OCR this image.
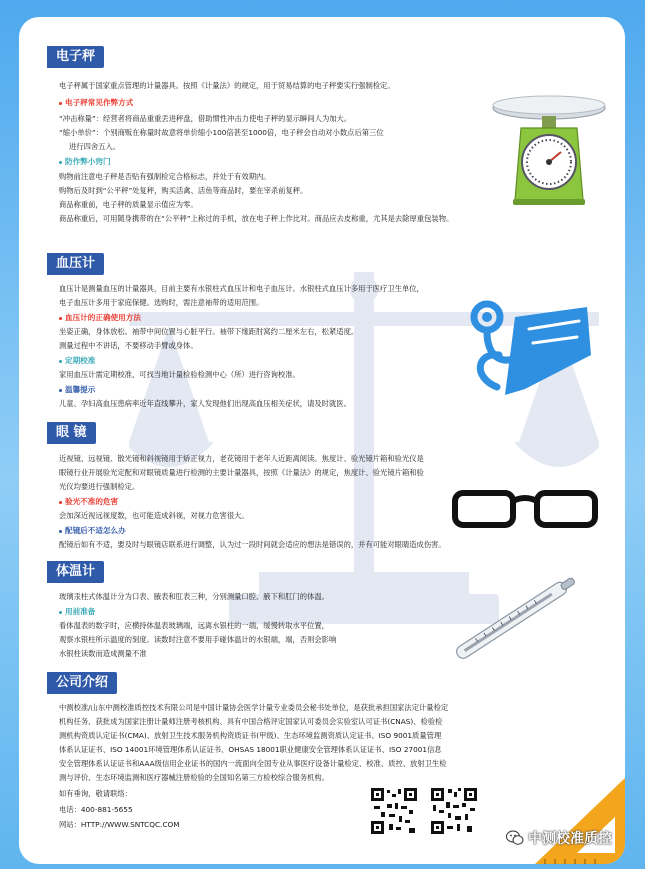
电子秤
电子秤属于国家重点管理的计量器具。按照《计量法》的规定，用于贸易结算的电子秤要实行强制检定。
电子秤常见作弊方式
“冲击称量”：经营者将商品重重丢进秤盘，借助惯性冲击力使电子秤的显示瞬间人为加大。
“缩小单价”：个别商贩在称量时故意将单价缩小100倍甚至1000倍，电子秤会自动对小数点后第三位
进行四舍五入。
防作弊小窍门
购物前注意电子秤是否贴有强制检定合格标志，并处于有效期内。
购物后及时到“公平秤”处复秤，购买活禽、活鱼等商品时，要在宰杀前复秤。
商品称重前，电子秤的质量显示值应为零。
商品称重后，可用随身携带的在“公平秤”上称过的手机，放在电子秤上作比对。商品应去皮称重，尤其是去除厚重包装物。
血压计
血压计是测量血压的计量器具，目前主要有水银柱式血压计和电子血压计。水银柱式血压计多用于医疗卫生单位，
电子血压计多用于家庭保健。选购时，需注意袖带的适用范围。
血压计的正确使用方法
坐姿正确，身体放松。袖带中间位置与心脏平行。袖带下缘距肘窝约二厘米左右，松紧适度。
测量过程中不讲话，不要移动手臂或身体。
定期校准
家用血压计需定期校准，可找当地计量检验检测中心（所）进行咨询校准。
温馨提示
儿童、孕妇高血压患病率近年直线攀升，家人发现他们出现高血压相关症状，请及时就医。
眼 镜
近视镜、远视镜、散光镜和斜视镜用于矫正视力，老花镜用于老年人近距离阅读。焦度计、验光镜片箱和验光仪是
眼镜行业开展验光定配和对眼镜质量进行检测的主要计量器具，按照《计量法》的规定，焦度计、验光镜片箱和验
光仪均要进行强制检定。
验光不准的危害
会加深近视远视度数，也可能造成斜视，对视力危害很大。
配镜后不适怎么办
配镜后如有不适，要及时与眼镜店联系进行调整，认为过一段时间就会适应的想法是错误的，并有可能对眼睛造成伤害。
体温计
玻璃汞柱式体温计分为口表、腋表和肛表三种，分别测量口腔、腋下和肛门的体温。
用前准备
看体温表的数字时，应横持体温表玻璃端，远离水银柱的一端，缓慢转取水平位置，
观察水银柱所示温度的刻度。读数时注意不要用手碰体温计的水银端，端，否则会影响
水银柱读数而造成测量不准
公司介绍
中测校准/山东中测校准质控技术有限公司是中国计量协会医学计量专业委员会秘书处单位，是获批承担国家法定计量检定
机构任务、获批成为国家注册计量师注册考核机构、具有中国合格评定国家认可委员会实验室认可证书(CNAS)、检验检
测机构资质认定证书(CMA)、放射卫生技术服务机构资质证书(甲级)、生态环境监测资质认定证书、ISO 9001质量管理
体系认证证书、ISO 14001环境管理体系认证证书、OHSAS 18001职业健康安全管理体系认证证书、ISO 27001信息
安全管理体系认证证书和AAA级信用企业证书的国内一流面向全国专业从事医疗设备计量检定、校准、质控、放射卫生检
测与评价、生态环境监测和医疗器械注册检验的全国知名第三方检校综合服务机构。
如有垂询，敬请联络：
电话：400-881-5655
网站：HTTP://WWW.SNTCQC.COM
中测校准质控
